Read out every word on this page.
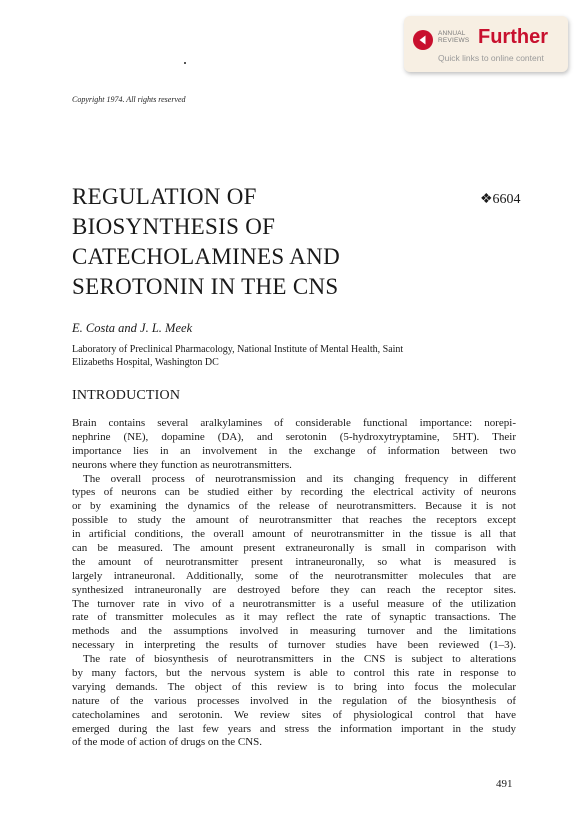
ANNUAL
REVIEWS Further
Quick links to online content
Copyright 1974. All rights reserved
REGULATION OF
BIOSYNTHESIS OF
CATECHOLAMINES AND
SEROTONIN IN THE CNS
❖6604
E. Costa and J. L. Meek
Laboratory of Preclinical Pharmacology, National Institute of Mental Health, Saint
Elizabeths Hospital, Washington DC
INTRODUCTION
Brain contains several aralkylamines of considerable functional importance: norepi-
nephrine (NE), dopamine (DA), and serotonin (5-hydroxytryptamine, 5HT). Their
importance lies in an involvement in the exchange of information between two
neurons where they function as neurotransmitters.
The overall process of neurotransmission and its changing frequency in different
types of neurons can be studied either by recording the electrical activity of neurons
or by examining the dynamics of the release of neurotransmitters. Because it is not
possible to study the amount of neurotransmitter that reaches the receptors except
in artificial conditions, the overall amount of neurotransmitter in the tissue is all that
can be measured. The amount present extraneuronally is small in comparison with
the amount of neurotransmitter present intraneuronally, so what is measured is
largely intraneuronal. Additionally, some of the neurotransmitter molecules that are
synthesized intraneuronally are destroyed before they can reach the receptor sites.
The turnover rate in vivo of a neurotransmitter is a useful measure of the utilization
rate of transmitter molecules as it may reflect the rate of synaptic transactions. The
methods and the assumptions involved in measuring turnover and the limitations
necessary in interpreting the results of turnover studies have been reviewed (1–3).
The rate of biosynthesis of neurotransmitters in the CNS is subject to alterations
by many factors, but the nervous system is able to control this rate in response to
varying demands. The object of this review is to bring into focus the molecular
nature of the various processes involved in the regulation of the biosynthesis of
catecholamines and serotonin. We review sites of physiological control that have
emerged during the last few years and stress the information important in the study
of the mode of action of drugs on the CNS.
491
